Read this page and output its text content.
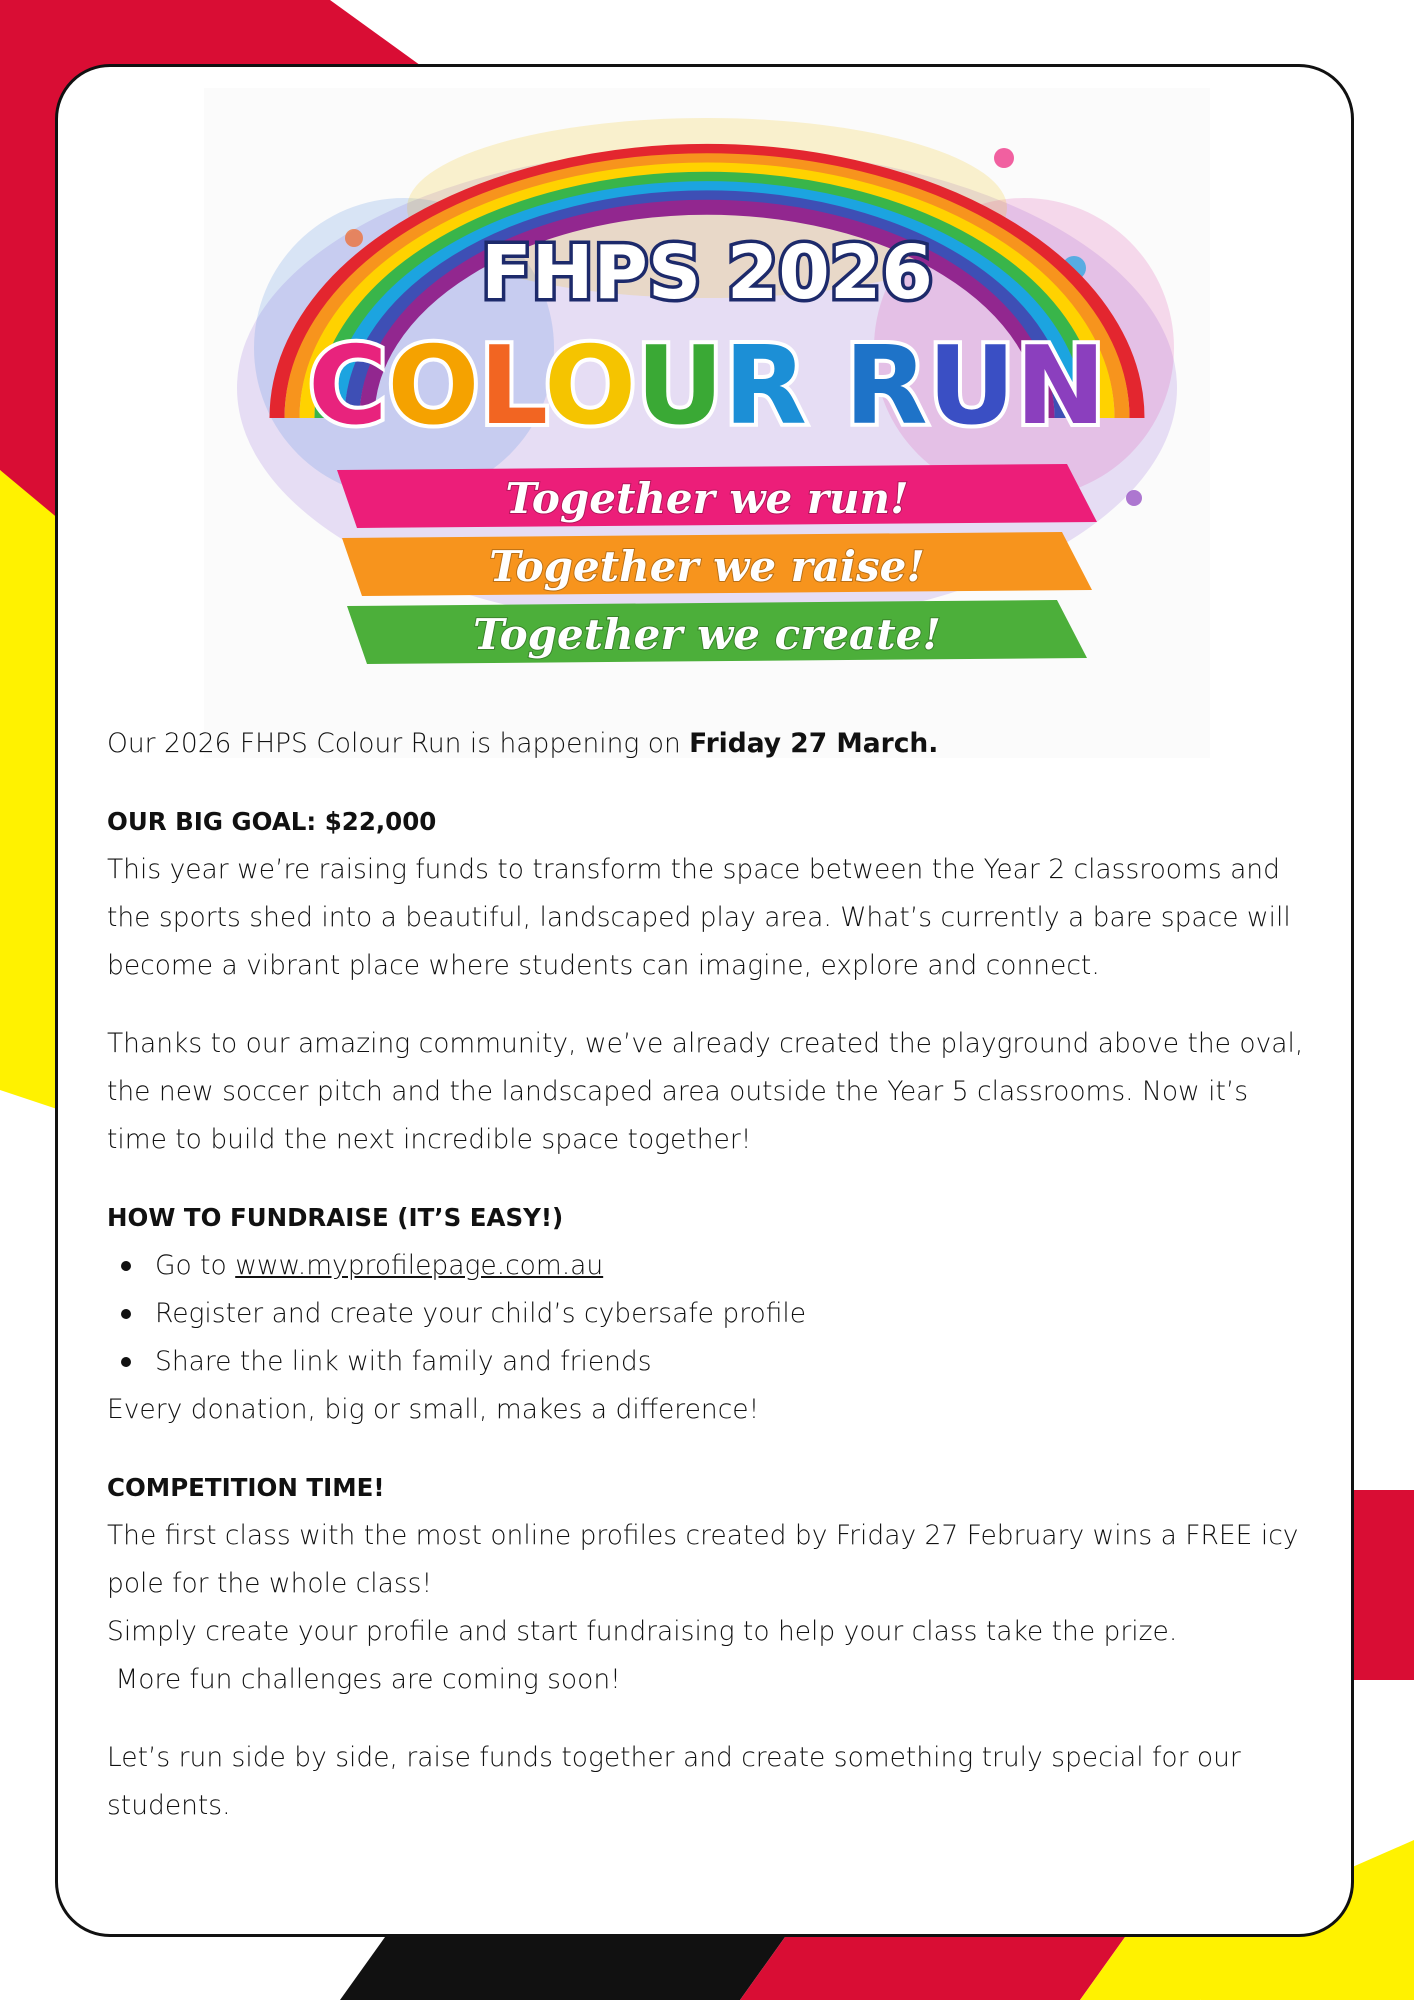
FHPS 2026
COLOUR RUN
Together we run!
Together we raise!
Together we create!

Our 2026 FHPS Colour Run is happening on Friday 27 March.

OUR BIG GOAL: $22,000

This year we’re raising funds to transform the space between the Year 2 classrooms and the sports shed into a beautiful, landscaped play area. What’s currently a bare space will become a vibrant place where students can imagine, explore and connect.

Thanks to our amazing community, we’ve already created the playground above the oval, the new soccer pitch and the landscaped area outside the Year 5 classrooms. Now it’s time to build the next incredible space together!

HOW TO FUNDRAISE (IT’S EASY!)

Go to www.myprofilepage.com.au
Register and create your child’s cybersafe profile
Share the link with family and friends

Every donation, big or small, makes a difference!

COMPETITION TIME!

The first class with the most online profiles created by Friday 27 February wins a FREE icy pole for the whole class!

Simply create your profile and start fundraising to help your class take the prize.

More fun challenges are coming soon!

Let’s run side by side, raise funds together and create something truly special for our students.
